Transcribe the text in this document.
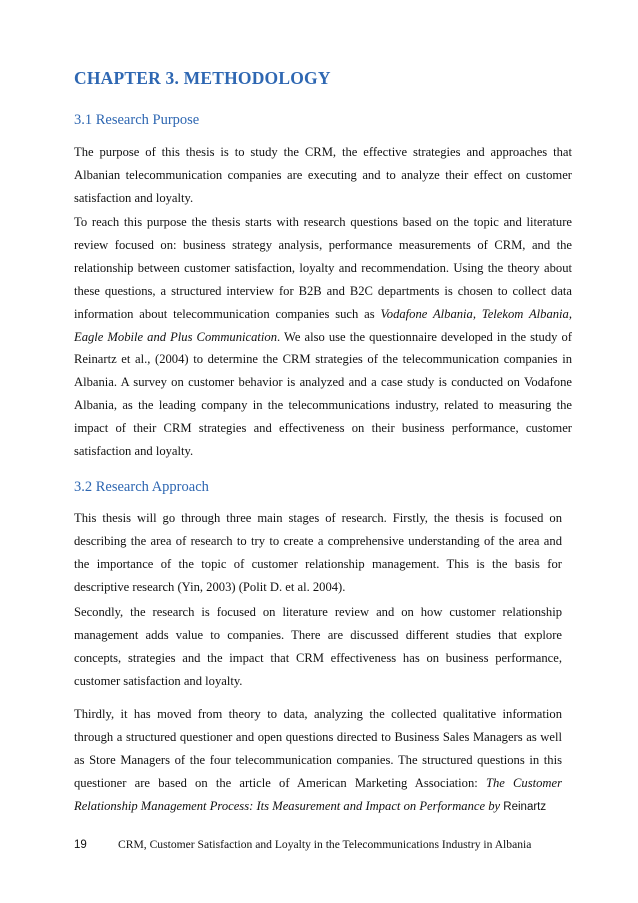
CHAPTER 3. METHODOLOGY
3.1 Research Purpose

The purpose of this thesis is to study the CRM, the effective strategies and approaches that Albanian telecommunication companies are executing and to analyze their effect on customer satisfaction and loyalty.

To reach this purpose the thesis starts with research questions based on the topic and literature review focused on: business strategy analysis, performance measurements of CRM, and the relationship between customer satisfaction, loyalty and recommendation. Using the theory about these questions, a structured interview for B2B and B2C departments is chosen to collect data information about telecommunication companies such as Vodafone Albania, Telekom Albania, Eagle Mobile and Plus Communication. We also use the questionnaire developed in the study of Reinartz et al., (2004) to determine the CRM strategies of the telecommunication companies in Albania. A survey on customer behavior is analyzed and a case study is conducted on Vodafone Albania, as the leading company in the telecommunications industry, related to measuring the impact of their CRM strategies and effectiveness on their business performance, customer satisfaction and loyalty.

3.2 Research Approach

This thesis will go through three main stages of research. Firstly, the thesis is focused on describing the area of research to try to create a comprehensive understanding of the area and the importance of the topic of customer relationship management. This is the basis for descriptive research (Yin, 2003) (Polit D. et al. 2004).

Secondly, the research is focused on literature review and on how customer relationship management adds value to companies. There are discussed different studies that explore concepts, strategies and the impact that CRM effectiveness has on business performance, customer satisfaction and loyalty.

Thirdly, it has moved from theory to data, analyzing the collected qualitative information through a structured questioner and open questions directed to Business Sales Managers as well as Store Managers of the four telecommunication companies. The structured questions in this questioner are based on the article of American Marketing Association: The Customer Relationship Management Process: Its Measurement and Impact on Performance by Reinartz

19	CRM, Customer Satisfaction and Loyalty in the Telecommunications Industry in Albania
